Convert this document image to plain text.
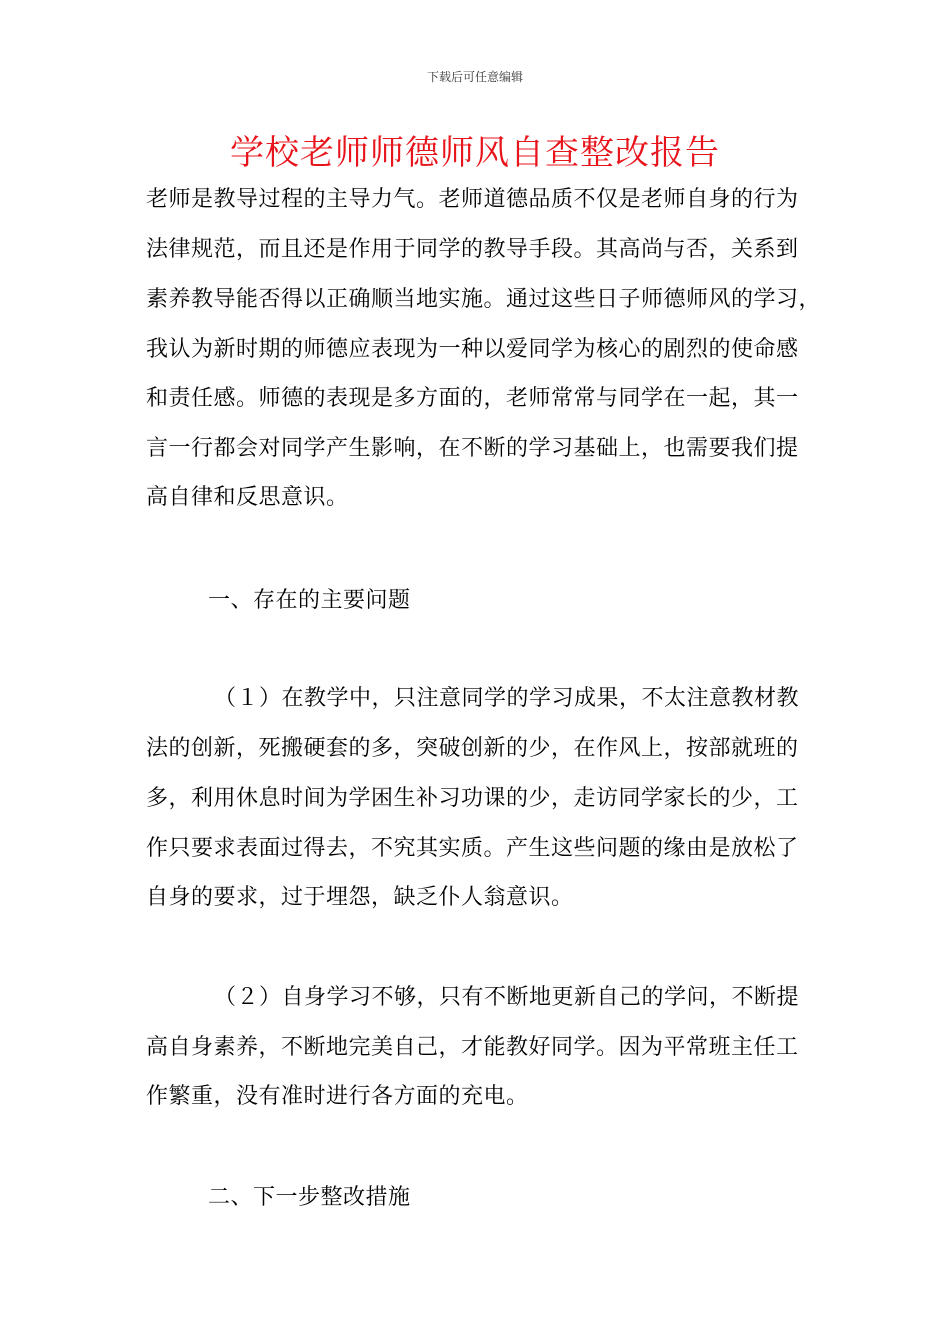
下载后可任意编辑
学校老师师德师风自查整改报告
老师是教导过程的主导力气。老师道德品质不仅是老师自身的行为
法律规范，而且还是作用于同学的教导手段。其高尚与否，关系到
素养教导能否得以正确顺当地实施。通过这些日子师德师风的学习，
我认为新时期的师德应表现为一种以爱同学为核心的剧烈的使命感
和责任感。师德的表现是多方面的，老师常常与同学在一起，其一
言一行都会对同学产生影响，在不断的学习基础上，也需要我们提
高自律和反思意识。
一、存在的主要问题
（１）在教学中，只注意同学的学习成果，不太注意教材教
法的创新，死搬硬套的多，突破创新的少，在作风上，按部就班的
多，利用休息时间为学困生补习功课的少，走访同学家长的少，工
作只要求表面过得去，不究其实质。产生这些问题的缘由是放松了
自身的要求，过于埋怨，缺乏仆人翁意识。
（２）自身学习不够，只有不断地更新自己的学问，不断提
高自身素养，不断地完美自己，才能教好同学。因为平常班主任工
作繁重，没有准时进行各方面的充电。
二、下一步整改措施
